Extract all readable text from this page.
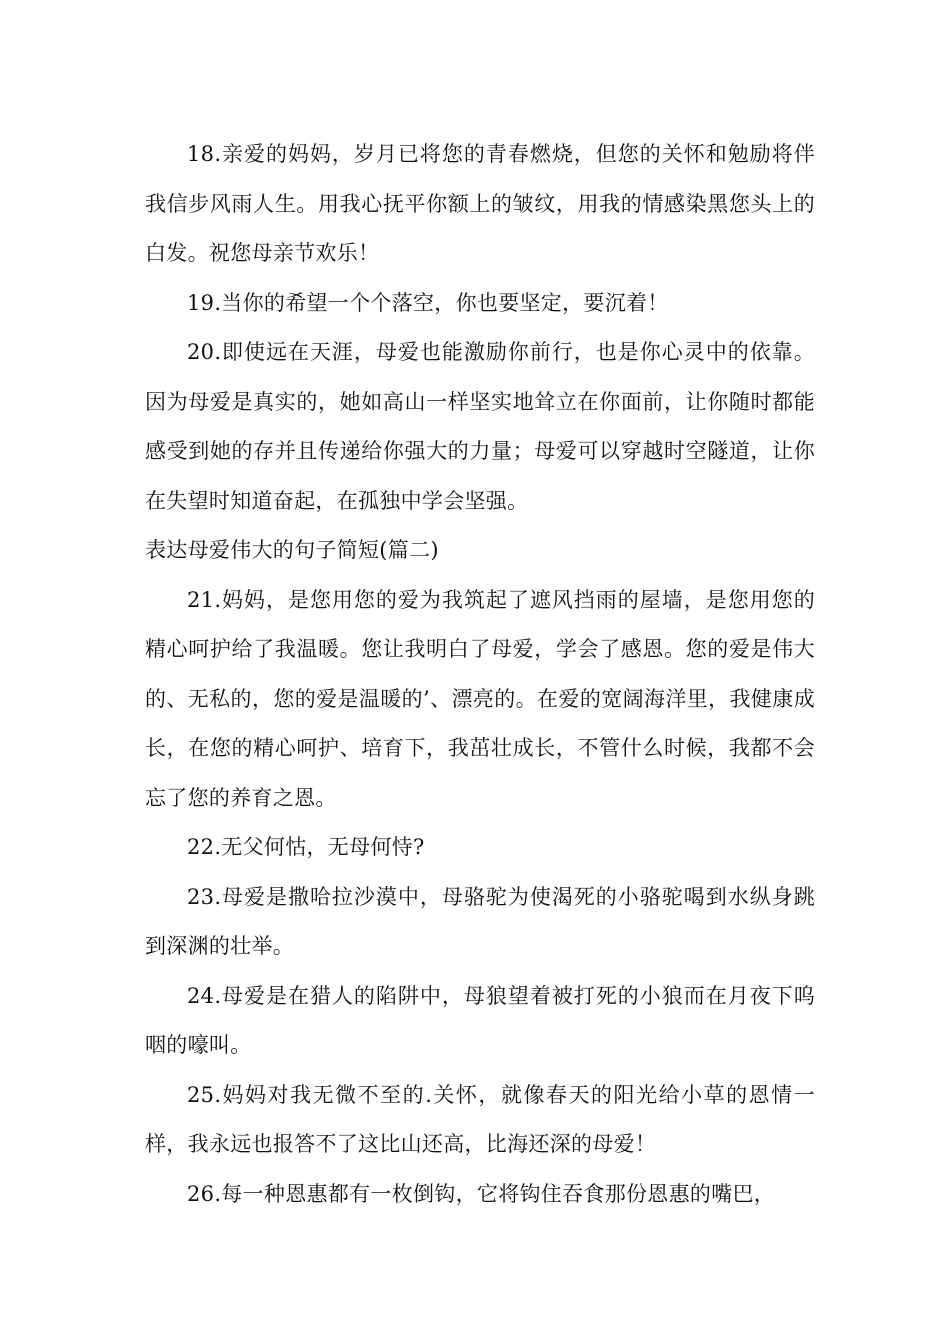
18.亲爱的妈妈，岁月已将您的青春燃烧，但您的关怀和勉励将伴我信步风雨人生。用我心抚平你额上的皱纹，用我的情感染黑您头上的白发。祝您母亲节欢乐！

19.当你的希望一个个落空，你也要坚定，要沉着！

20.即使远在天涯，母爱也能激励你前行，也是你心灵中的依靠。因为母爱是真实的，她如高山一样坚实地耸立在你面前，让你随时都能感受到她的存并且传递给你强大的力量；母爱可以穿越时空隧道，让你在失望时知道奋起，在孤独中学会坚强。

表达母爱伟大的句子简短(篇二)

21.妈妈，是您用您的爱为我筑起了遮风挡雨的屋墙，是您用您的精心呵护给了我温暖。您让我明白了母爱，学会了感恩。您的爱是伟大的、无私的，您的爱是温暖的’、漂亮的。在爱的宽阔海洋里，我健康成长，在您的精心呵护、培育下，我茁壮成长，不管什么时候，我都不会忘了您的养育之恩。

22.无父何怙，无母何恃?

23.母爱是撒哈拉沙漠中，母骆驼为使渴死的小骆驼喝到水纵身跳到深渊的壮举。

24.母爱是在猎人的陷阱中，母狼望着被打死的小狼而在月夜下呜咽的嚎叫。

25.妈妈对我无微不至的.关怀，就像春天的阳光给小草的恩情一样，我永远也报答不了这比山还高，比海还深的母爱！

26.每一种恩惠都有一枚倒钩，它将钩住吞食那份恩惠的嘴巴，
